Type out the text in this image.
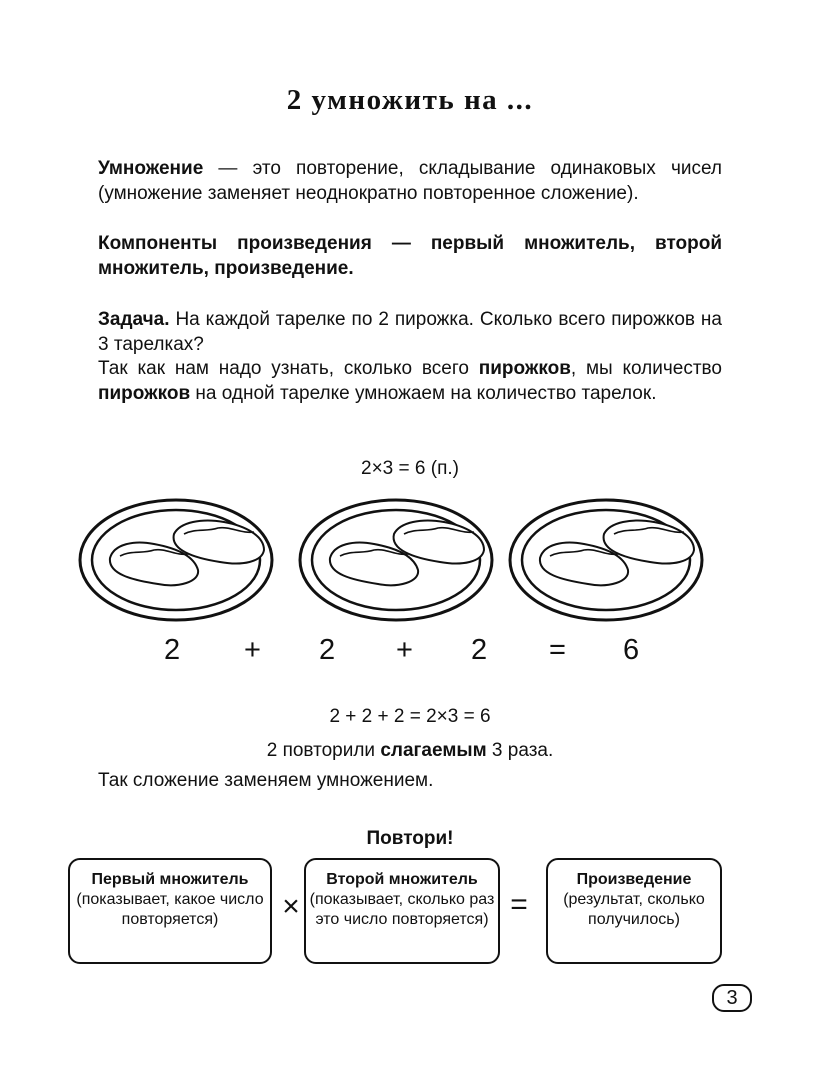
2 умножить на ...

Умножение — это повторение, складывание одинаковых чисел (умножение заменяет неоднократно повторенное сложение).

Компоненты произведения — первый множитель, второй множитель, произведение.

Задача. На каждой тарелке по 2 пирожка. Сколько всего пирожков на 3 тарелках?

Так как нам надо узнать, сколько всего пирожков, мы количество пирожков на одной тарелке умножаем на количество тарелок.

2×3 = 6 (п.)
2 + 2 + 2 = 6
2 + 2 + 2 = 2×3 = 6
2 повторили слагаемым 3 раза.
Так сложение заменяем умножением.
Повтори!
Первый множитель
(показывает, какое число повторяется)	×
Второй множитель
(показывает, сколько раз это число повторяется) =
Произведение
(результат, сколько получилось)
3
